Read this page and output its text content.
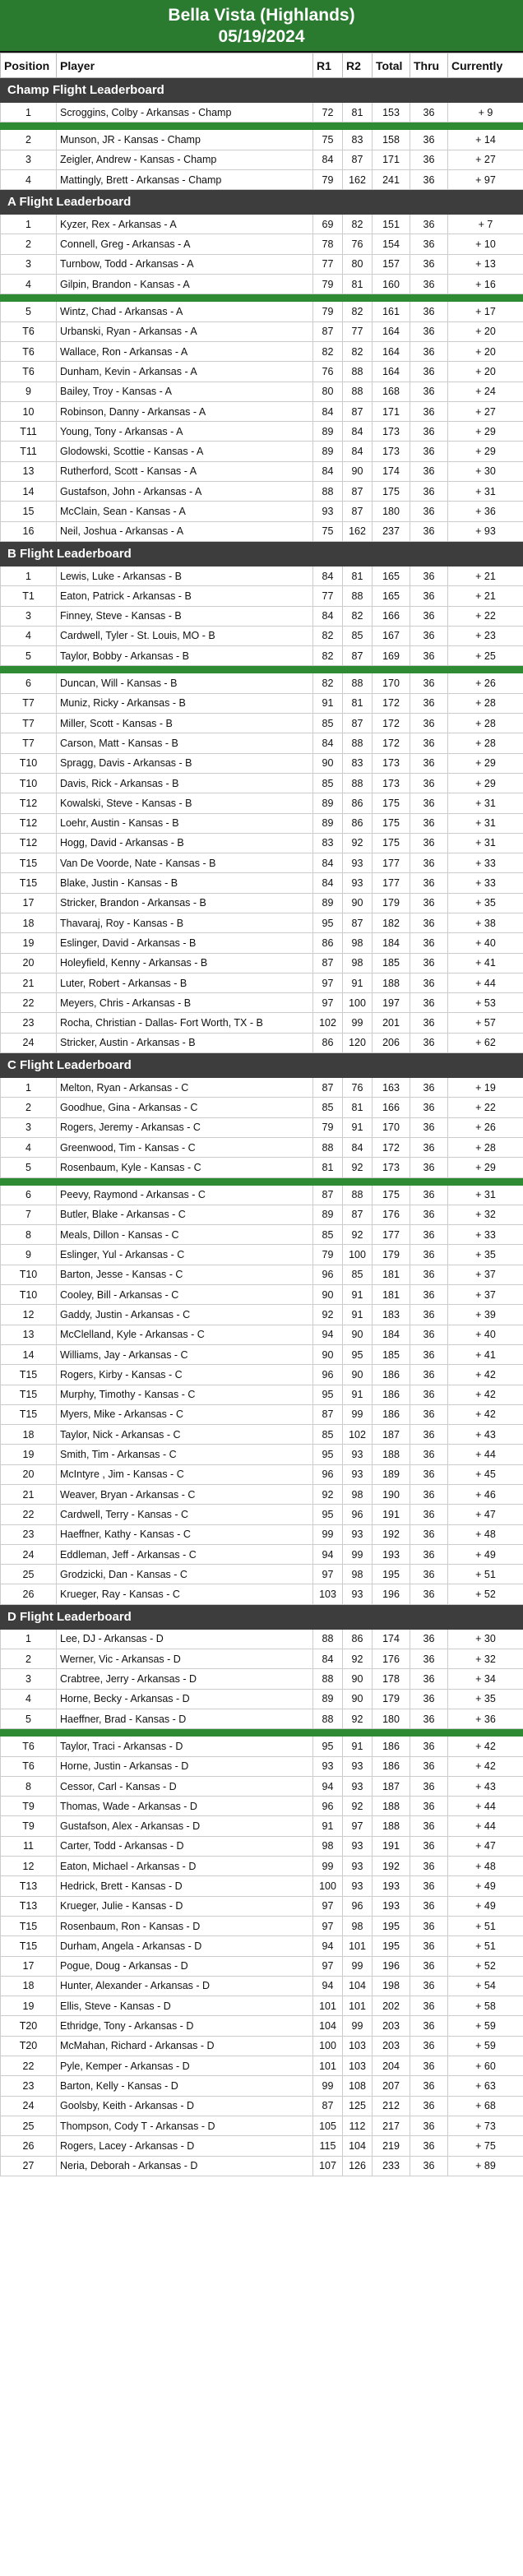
Bella Vista (Highlands)
05/19/2024
Position	Player	R1	R2	Total	Thru	Currently
Champ Flight Leaderboard						
1	Scroggins, Colby - Arkansas - Champ	72	81	153	36	+ 9

2	Munson, JR - Kansas - Champ	75	83	158	36	+ 14
3	Zeigler, Andrew - Kansas - Champ	84	87	171	36	+ 27
4	Mattingly, Brett - Arkansas - Champ	79	162	241	36	+ 97
A Flight Leaderboard						
1	Kyzer, Rex - Arkansas - A	69	82	151	36	+ 7
2	Connell, Greg - Arkansas - A	78	76	154	36	+ 10
3	Turnbow, Todd - Arkansas - A	77	80	157	36	+ 13
4	Gilpin, Brandon - Kansas - A	79	81	160	36	+ 16

5	Wintz, Chad - Arkansas - A	79	82	161	36	+ 17
T6	Urbanski, Ryan - Arkansas - A	87	77	164	36	+ 20
T6	Wallace, Ron - Arkansas - A	82	82	164	36	+ 20
T6	Dunham, Kevin - Arkansas - A	76	88	164	36	+ 20
9	Bailey, Troy - Kansas - A	80	88	168	36	+ 24
10	Robinson, Danny - Arkansas - A	84	87	171	36	+ 27
T11	Young, Tony - Arkansas - A	89	84	173	36	+ 29
T11	Glodowski, Scottie - Kansas - A	89	84	173	36	+ 29
13	Rutherford, Scott - Kansas - A	84	90	174	36	+ 30
14	Gustafson, John - Arkansas - A	88	87	175	36	+ 31
15	McClain, Sean - Kansas - A	93	87	180	36	+ 36
16	Neil, Joshua - Arkansas - A	75	162	237	36	+ 93
B Flight Leaderboard						
1	Lewis, Luke - Arkansas - B	84	81	165	36	+ 21
T1	Eaton, Patrick - Arkansas - B	77	88	165	36	+ 21
3	Finney, Steve - Kansas - B	84	82	166	36	+ 22
4	Cardwell, Tyler - St. Louis, MO - B	82	85	167	36	+ 23
5	Taylor, Bobby - Arkansas - B	82	87	169	36	+ 25

6	Duncan, Will - Kansas - B	82	88	170	36	+ 26
T7	Muniz, Ricky - Arkansas - B	91	81	172	36	+ 28
T7	Miller, Scott - Kansas - B	85	87	172	36	+ 28
T7	Carson, Matt - Kansas - B	84	88	172	36	+ 28
T10	Spragg, Davis - Arkansas - B	90	83	173	36	+ 29
T10	Davis, Rick - Arkansas - B	85	88	173	36	+ 29
T12	Kowalski, Steve - Kansas - B	89	86	175	36	+ 31
T12	Loehr, Austin - Kansas - B	89	86	175	36	+ 31
T12	Hogg, David - Arkansas - B	83	92	175	36	+ 31
T15	Van De Voorde, Nate - Kansas - B	84	93	177	36	+ 33
T15	Blake, Justin - Kansas - B	84	93	177	36	+ 33
17	Stricker, Brandon - Arkansas - B	89	90	179	36	+ 35
18	Thavaraj, Roy - Kansas - B	95	87	182	36	+ 38
19	Eslinger, David - Arkansas - B	86	98	184	36	+ 40
20	Holeyfield, Kenny - Arkansas - B	87	98	185	36	+ 41
21	Luter, Robert - Arkansas - B	97	91	188	36	+ 44
22	Meyers, Chris - Arkansas - B	97	100	197	36	+ 53
23	Rocha, Christian - Dallas- Fort Worth, TX - B	102	99	201	36	+ 57
24	Stricker, Austin - Arkansas - B	86	120	206	36	+ 62
C Flight Leaderboard						
1	Melton, Ryan - Arkansas - C	87	76	163	36	+ 19
2	Goodhue, Gina - Arkansas - C	85	81	166	36	+ 22
3	Rogers, Jeremy - Arkansas - C	79	91	170	36	+ 26
4	Greenwood, Tim - Kansas - C	88	84	172	36	+ 28
5	Rosenbaum, Kyle - Kansas - C	81	92	173	36	+ 29

6	Peevy, Raymond - Arkansas - C	87	88	175	36	+ 31
7	Butler, Blake - Arkansas - C	89	87	176	36	+ 32
8	Meals, Dillon - Kansas - C	85	92	177	36	+ 33
9	Eslinger, Yul - Arkansas - C	79	100	179	36	+ 35
T10	Barton, Jesse - Kansas - C	96	85	181	36	+ 37
T10	Cooley, Bill - Arkansas - C	90	91	181	36	+ 37
12	Gaddy, Justin - Arkansas - C	92	91	183	36	+ 39
13	McClelland, Kyle - Arkansas - C	94	90	184	36	+ 40
14	Williams, Jay - Arkansas - C	90	95	185	36	+ 41
T15	Rogers, Kirby - Kansas - C	96	90	186	36	+ 42
T15	Murphy, Timothy - Kansas - C	95	91	186	36	+ 42
T15	Myers, Mike - Arkansas - C	87	99	186	36	+ 42
18	Taylor, Nick - Arkansas - C	85	102	187	36	+ 43
19	Smith, Tim - Arkansas - C	95	93	188	36	+ 44
20	McIntyre , Jim - Kansas - C	96	93	189	36	+ 45
21	Weaver, Bryan - Arkansas - C	92	98	190	36	+ 46
22	Cardwell, Terry - Kansas - C	95	96	191	36	+ 47
23	Haeffner, Kathy - Kansas - C	99	93	192	36	+ 48
24	Eddleman, Jeff - Arkansas - C	94	99	193	36	+ 49
25	Grodzicki, Dan - Kansas - C	97	98	195	36	+ 51
26	Krueger, Ray - Kansas - C	103	93	196	36	+ 52
D Flight Leaderboard						
1	Lee, DJ - Arkansas - D	88	86	174	36	+ 30
2	Werner, Vic - Arkansas - D	84	92	176	36	+ 32
3	Crabtree, Jerry - Arkansas - D	88	90	178	36	+ 34
4	Horne, Becky - Arkansas - D	89	90	179	36	+ 35
5	Haeffner, Brad - Kansas - D	88	92	180	36	+ 36

T6	Taylor, Traci - Arkansas - D	95	91	186	36	+ 42
T6	Horne, Justin - Arkansas - D	93	93	186	36	+ 42
8	Cessor, Carl - Kansas - D	94	93	187	36	+ 43
T9	Thomas, Wade - Arkansas - D	96	92	188	36	+ 44
T9	Gustafson, Alex - Arkansas - D	91	97	188	36	+ 44
11	Carter, Todd - Arkansas - D	98	93	191	36	+ 47
12	Eaton, Michael - Arkansas - D	99	93	192	36	+ 48
T13	Hedrick, Brett - Kansas - D	100	93	193	36	+ 49
T13	Krueger, Julie - Kansas - D	97	96	193	36	+ 49
T15	Rosenbaum, Ron - Kansas - D	97	98	195	36	+ 51
T15	Durham, Angela - Arkansas - D	94	101	195	36	+ 51
17	Pogue, Doug - Arkansas - D	97	99	196	36	+ 52
18	Hunter, Alexander - Arkansas - D	94	104	198	36	+ 54
19	Ellis, Steve - Kansas - D	101	101	202	36	+ 58
T20	Ethridge, Tony - Arkansas - D	104	99	203	36	+ 59
T20	McMahan, Richard - Arkansas - D	100	103	203	36	+ 59
22	Pyle, Kemper - Arkansas - D	101	103	204	36	+ 60
23	Barton, Kelly - Kansas - D	99	108	207	36	+ 63
24	Goolsby, Keith - Arkansas - D	87	125	212	36	+ 68
25	Thompson, Cody T - Arkansas - D	105	112	217	36	+ 73
26	Rogers, Lacey - Arkansas - D	115	104	219	36	+ 75
27	Neria, Deborah - Arkansas - D	107	126	233	36	+ 89
